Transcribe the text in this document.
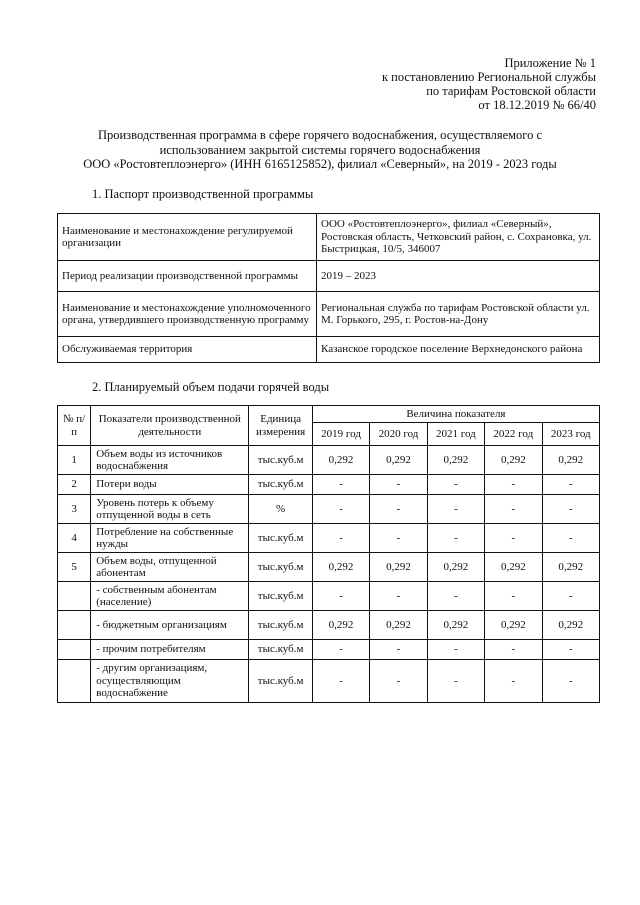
Приложение № 1
к постановлению Региональной службы
по тарифам Ростовской области
от 18.12.2019 № 66/40
Производственная программа в сфере горячего водоснабжения, осуществляемого с
использованием закрытой системы горячего водоснабжения
ООО «Ростовтеплоэнерго» (ИНН 6165125852), филиал «Северный», на 2019 - 2023 годы
1. Паспорт производственной программы
Наименование и местонахождение регулируемой организации	ООО «Ростовтеплоэнерго», филиал «Северный», Ростовская область, Четковский район, с. Сохрановка, ул. Быстрицкая, 10/5, 346007
Период реализации производственной программы	2019 – 2023
Наименование и местонахождение уполномоченного органа, утвердившего производственную программу	Региональная служба по тарифам Ростовской области ул. М. Горького, 295, г. Ростов-на-Дону
Обслуживаемая территория	Казанское городское поселение Верхнедонского района
2. Планируемый объем подачи горячей воды
№ п/п	Показатели производственной деятельности	Единица измерения	Величина показателя				
			2019 год	2020 год	2021 год	2022 год	2023 год
1	Объем воды из источников водоснабжения	тыс.куб.м	0,292	0,292	0,292	0,292	0,292
2	Потери воды	тыс.куб.м	-	-	-	-	-
3	Уровень потерь к объему отпущенной воды в сеть	%	-	-	-	-	-
4	Потребление на собственные нужды	тыс.куб.м	-	-	-	-	-
5	Объем воды, отпущенной абонентам	тыс.куб.м	0,292	0,292	0,292	0,292	0,292
	- собственным абонентам (население)	тыс.куб.м	-	-	-	-	-
	- бюджетным организациям	тыс.куб.м	0,292	0,292	0,292	0,292	0,292
	- прочим потребителям	тыс.куб.м	-	-	-	-	-
	- другим организациям, осуществляющим водоснабжение	тыс.куб.м	-	-	-	-	-
